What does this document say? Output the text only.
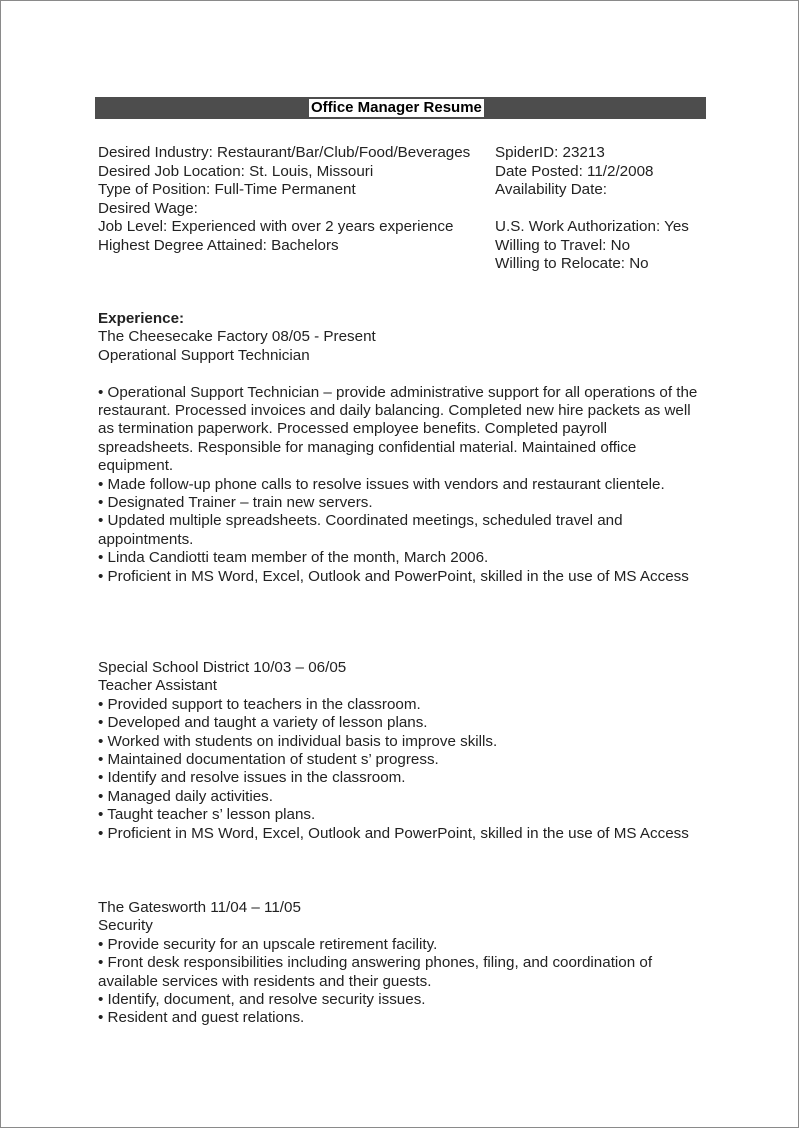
Office Manager Resume
Desired Industry: Restaurant/Bar/Club/Food/Beverages
Desired Job Location: St. Louis, Missouri
Type of Position: Full-Time Permanent
Desired Wage:
Job Level: Experienced with over 2 years experience
Highest Degree Attained: Bachelors
SpiderID: 23213
Date Posted: 11/2/2008
Availability Date:
U.S. Work Authorization: Yes
Willing to Travel: No
Willing to Relocate: No
Experience:
The Cheesecake Factory 08/05 - Present
Operational Support Technician
• Operational Support Technician – provide administrative support for all operations of the restaurant. Processed invoices and daily balancing. Completed new hire packets as well as termination paperwork. Processed employee benefits. Completed payroll spreadsheets. Responsible for managing confidential material. Maintained office equipment.
• Made follow-up phone calls to resolve issues with vendors and restaurant clientele.
• Designated Trainer – train new servers.
• Updated multiple spreadsheets. Coordinated meetings, scheduled travel and appointments.
• Linda Candiotti team member of the month, March 2006.
• Proficient in MS Word, Excel, Outlook and PowerPoint, skilled in the use of MS Access
Special School District 10/03 – 06/05
Teacher Assistant
• Provided support to teachers in the classroom.
• Developed and taught a variety of lesson plans.
• Worked with students on individual basis to improve skills.
• Maintained documentation of student s’ progress.
• Identify and resolve issues in the classroom.
• Managed daily activities.
• Taught teacher s’ lesson plans.
• Proficient in MS Word, Excel, Outlook and PowerPoint, skilled in the use of MS Access
The Gatesworth 11/04 – 11/05
Security
• Provide security for an upscale retirement facility.
• Front desk responsibilities including answering phones, filing, and coordination of available services with residents and their guests.
• Identify, document, and resolve security issues.
• Resident and guest relations.
